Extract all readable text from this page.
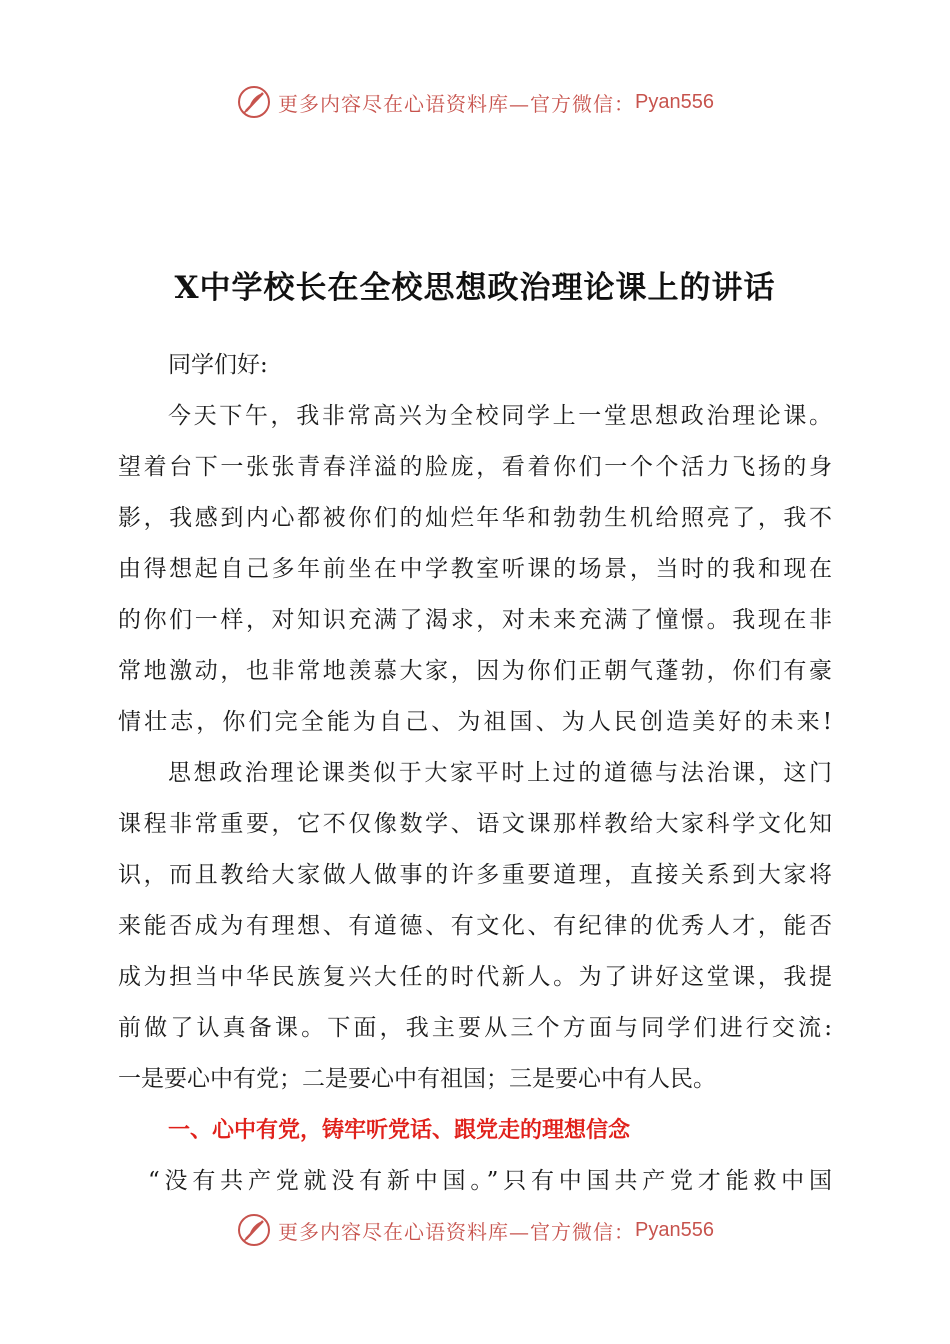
更多内容尽在心语资料库—官方微信： Pyan556
X中学校长在全校思想政治理论课上的讲话
同学们好:
今天下午，我非常高兴为全校同学上一堂思想政治理论课。
望着台下一张张青春洋溢的脸庞，看着你们一个个活力飞扬的身
影，我感到内心都被你们的灿烂年华和勃勃生机给照亮了，我不
由得想起自己多年前坐在中学教室听课的场景，当时的我和现在
的你们一样，对知识充满了渴求，对未来充满了憧憬。我现在非
常地激动，也非常地羡慕大家，因为你们正朝气蓬勃，你们有豪
情壮志，你们完全能为自己、为祖国、为人民创造美好的未来!
思想政治理论课类似于大家平时上过的道德与法治课，这门
课程非常重要，它不仅像数学、语文课那样教给大家科学文化知
识，而且教给大家做人做事的许多重要道理，直接关系到大家将
来能否成为有理想、有道德、有文化、有纪律的优秀人才，能否
成为担当中华民族复兴大任的时代新人。为了讲好这堂课，我提
前做了认真备课。下面，我主要从三个方面与同学们进行交流:
一是要心中有党；二是要心中有祖国；三是要心中有人民。
一、心中有党，铸牢听党话、跟党走的理想信念
“没有共产党就没有新中国。”只有中国共产党才能救中国
更多内容尽在心语资料库—官方微信： Pyan556
